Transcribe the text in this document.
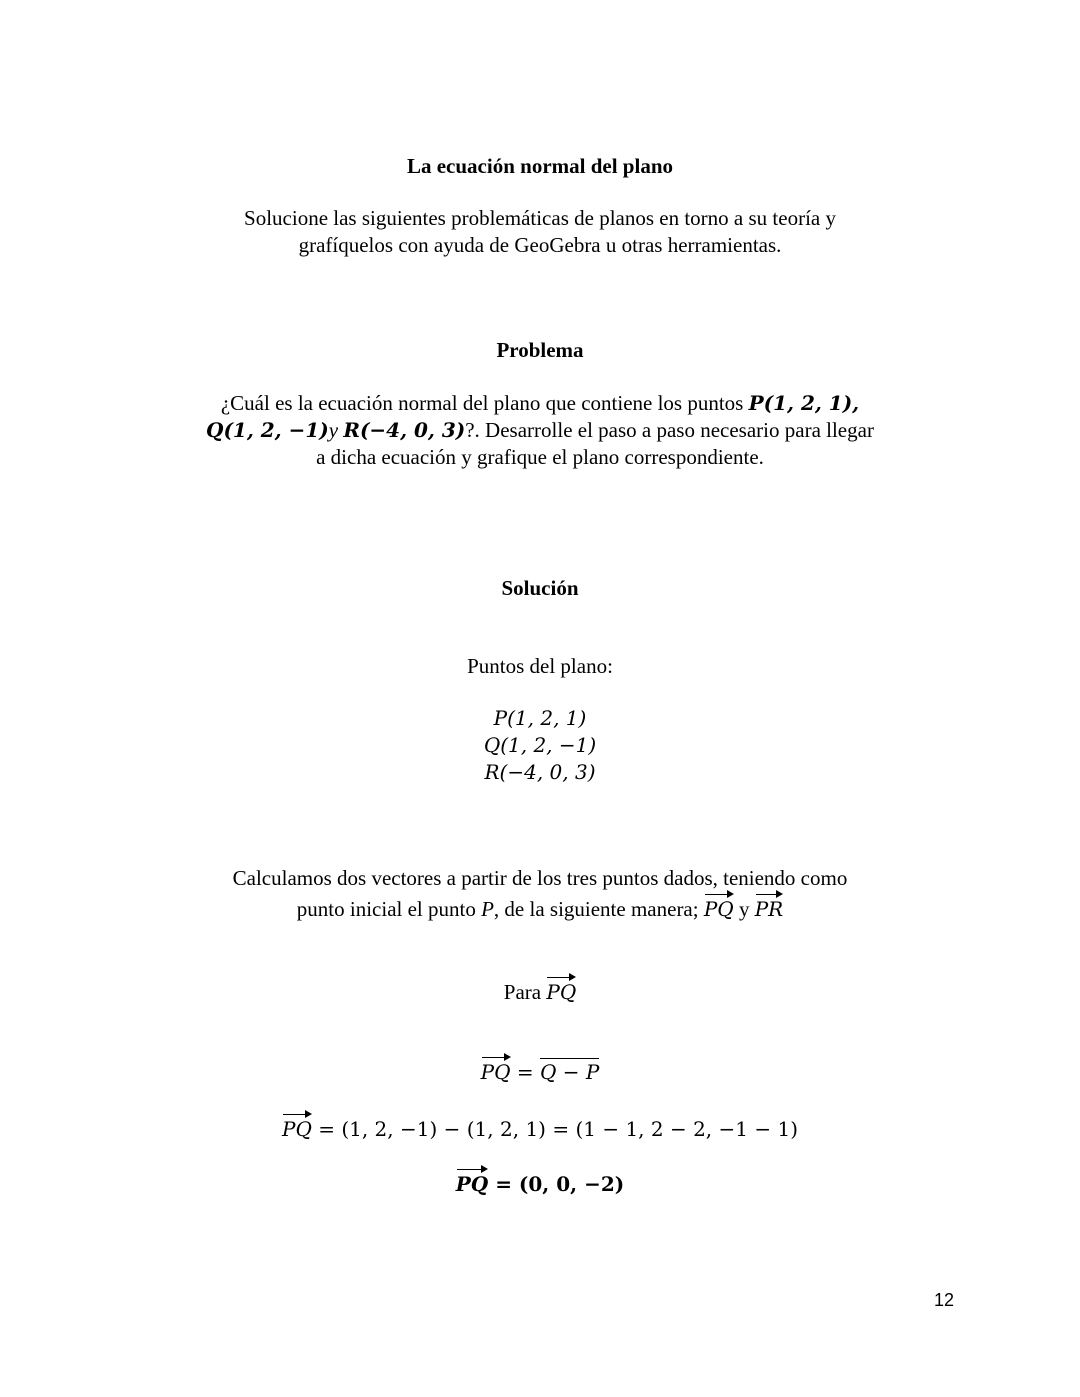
La ecuación normal del plano
Solucione las siguientes problemáticas de planos en torno a su teoría y
grafíquelos con ayuda de GeoGebra u otras herramientas.
Problema
¿Cuál es la ecuación normal del plano que contiene los puntos P(1, 2, 1),
Q(1, 2, −1)y R(−4, 0, 3)?. Desarrolle el paso a paso necesario para llegar
a dicha ecuación y grafique el plano correspondiente.
Solución
Puntos del plano:
P(1, 2, 1)
Q(1, 2, −1)
R(−4, 0, 3)
Calculamos dos vectores a partir de los tres puntos dados, teniendo como
punto inicial el punto P, de la siguiente manera; PQ y PR
Para PQ
PQ = Q − P
PQ = (1, 2, −1) − (1, 2, 1) = (1 − 1, 2 − 2, −1 − 1)
PQ = (0, 0, −2)
12
